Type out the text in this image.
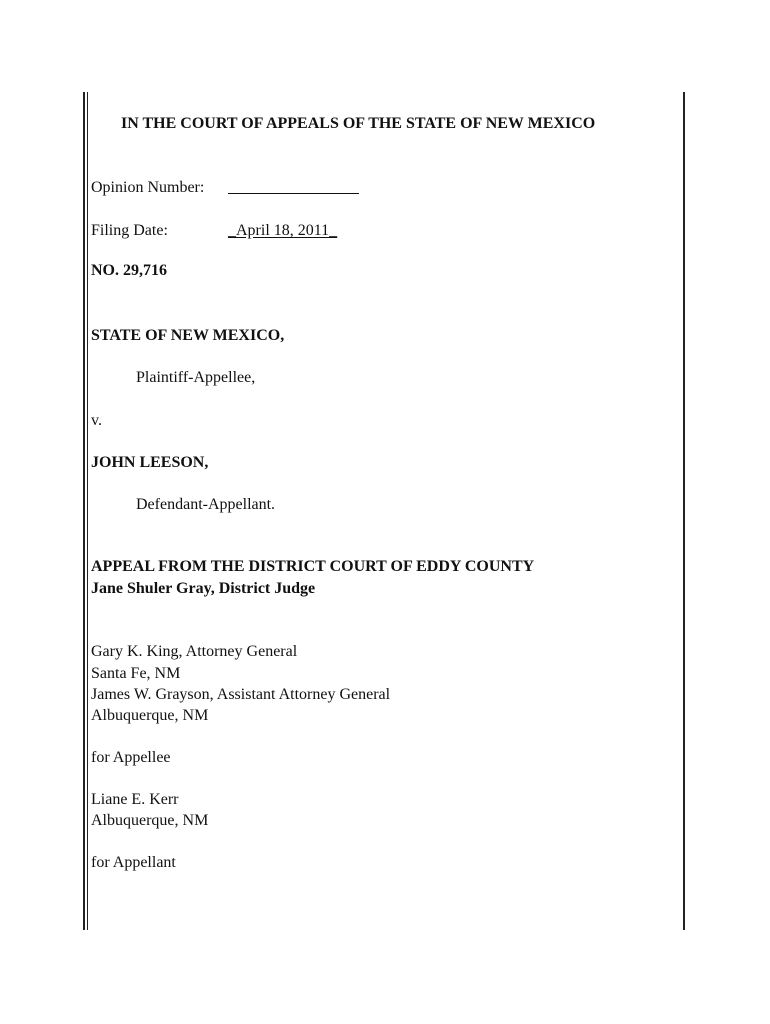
IN THE COURT OF APPEALS OF THE STATE OF NEW MEXICO
Opinion Number:
Filing Date:	_April 18, 2011_
NO. 29,716
STATE OF NEW MEXICO,
Plaintiff-Appellee,
v.
JOHN LEESON,
Defendant-Appellant.
APPEAL FROM THE DISTRICT COURT OF EDDY COUNTY
Jane Shuler Gray, District Judge
Gary K. King, Attorney General
Santa Fe, NM
James W. Grayson, Assistant Attorney General
Albuquerque, NM
for Appellee
Liane E. Kerr
Albuquerque, NM
for Appellant
